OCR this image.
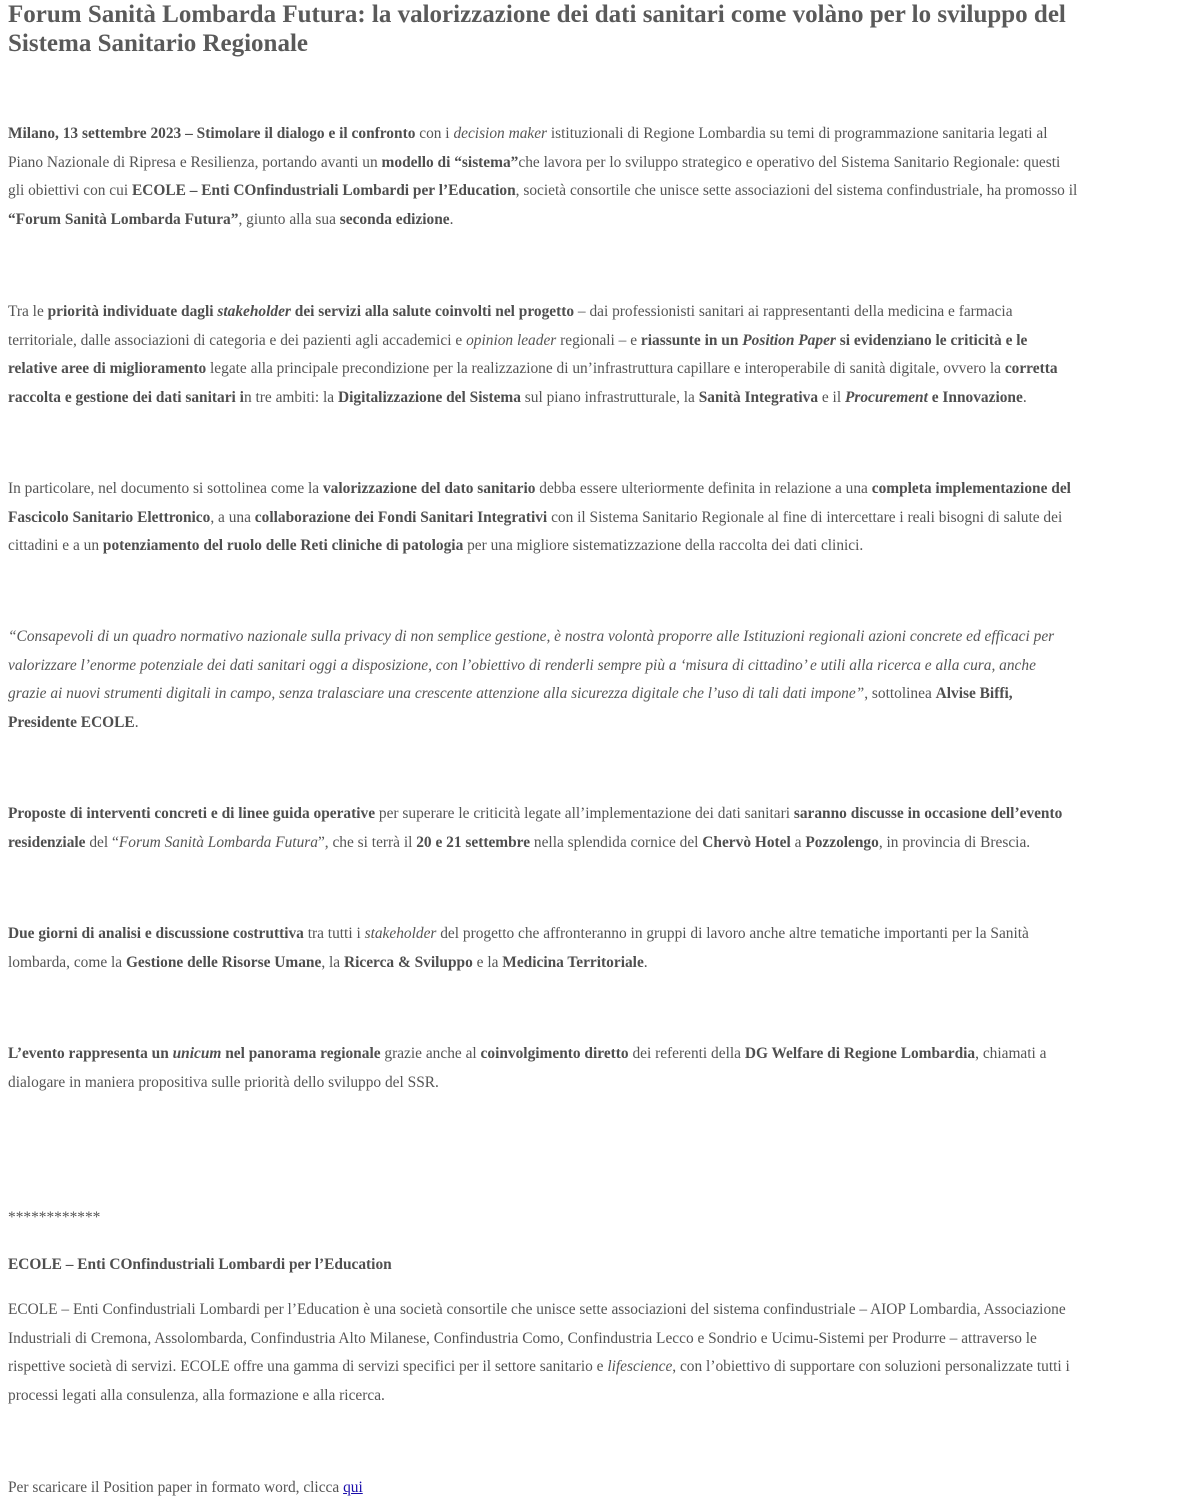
Forum Sanità Lombarda Futura: la valorizzazione dei dati sanitari come volàno per lo sviluppo del
Sistema Sanitario Regionale

Milano, 13 settembre 2023 – Stimolare il dialogo e il confronto con i decision maker istituzionali di Regione Lombardia su temi di programmazione sanitaria legati al
Piano Nazionale di Ripresa e Resilienza, portando avanti un modello di “sistema”che lavora per lo sviluppo strategico e operativo del Sistema Sanitario Regionale: questi
gli obiettivi con cui ECOLE – Enti COnfindustriali Lombardi per l’Education, società consortile che unisce sette associazioni del sistema confindustriale, ha promosso il
“Forum Sanità Lombarda Futura”, giunto alla sua seconda edizione.

Tra le priorità individuate dagli stakeholder dei servizi alla salute coinvolti nel progetto – dai professionisti sanitari ai rappresentanti della medicina e farmacia
territoriale, dalle associazioni di categoria e dei pazienti agli accademici e opinion leader regionali – e riassunte in un Position Paper si evidenziano le criticità e le
relative aree di miglioramento legate alla principale precondizione per la realizzazione di un’infrastruttura capillare e interoperabile di sanità digitale, ovvero la corretta
raccolta e gestione dei dati sanitari in tre ambiti: la Digitalizzazione del Sistema sul piano infrastrutturale, la Sanità Integrativa e il Procurement e Innovazione.

In particolare, nel documento si sottolinea come la valorizzazione del dato sanitario debba essere ulteriormente definita in relazione a una completa implementazione del
Fascicolo Sanitario Elettronico, a una collaborazione dei Fondi Sanitari Integrativi con il Sistema Sanitario Regionale al fine di intercettare i reali bisogni di salute dei
cittadini e a un potenziamento del ruolo delle Reti cliniche di patologia per una migliore sistematizzazione della raccolta dei dati clinici.

“Consapevoli di un quadro normativo nazionale sulla privacy di non semplice gestione, è nostra volontà proporre alle Istituzioni regionali azioni concrete ed efficaci per
valorizzare l’enorme potenziale dei dati sanitari oggi a disposizione, con l’obiettivo di renderli sempre più a ‘misura di cittadino’ e utili alla ricerca e alla cura, anche
grazie ai nuovi strumenti digitali in campo, senza tralasciare una crescente attenzione alla sicurezza digitale che l’uso di tali dati impone”, sottolinea Alvise Biffi,
Presidente ECOLE.

Proposte di interventi concreti e di linee guida operative per superare le criticità legate all’implementazione dei dati sanitari saranno discusse in occasione dell’evento
residenziale del “Forum Sanità Lombarda Futura”, che si terrà il 20 e 21 settembre nella splendida cornice del Chervò Hotel a Pozzolengo, in provincia di Brescia.

Due giorni di analisi e discussione costruttiva tra tutti i stakeholder del progetto che affronteranno in gruppi di lavoro anche altre tematiche importanti per la Sanità
lombarda, come la Gestione delle Risorse Umane, la Ricerca & Sviluppo e la Medicina Territoriale.

L’evento rappresenta un unicum nel panorama regionale grazie anche al coinvolgimento diretto dei referenti della DG Welfare di Regione Lombardia, chiamati a
dialogare in maniera propositiva sulle priorità dello sviluppo del SSR.

************

ECOLE – Enti COnfindustriali Lombardi per l’Education

ECOLE – Enti Confindustriali Lombardi per l’Education è una società consortile che unisce sette associazioni del sistema confindustriale – AIOP Lombardia, Associazione
Industriali di Cremona, Assolombarda, Confindustria Alto Milanese, Confindustria Como, Confindustria Lecco e Sondrio e Ucimu-Sistemi per Produrre – attraverso le
rispettive società di servizi. ECOLE offre una gamma di servizi specifici per il settore sanitario e lifescience, con l’obiettivo di supportare con soluzioni personalizzate tutti i
processi legati alla consulenza, alla formazione e alla ricerca.

Per scaricare il Position paper in formato word, clicca qui
